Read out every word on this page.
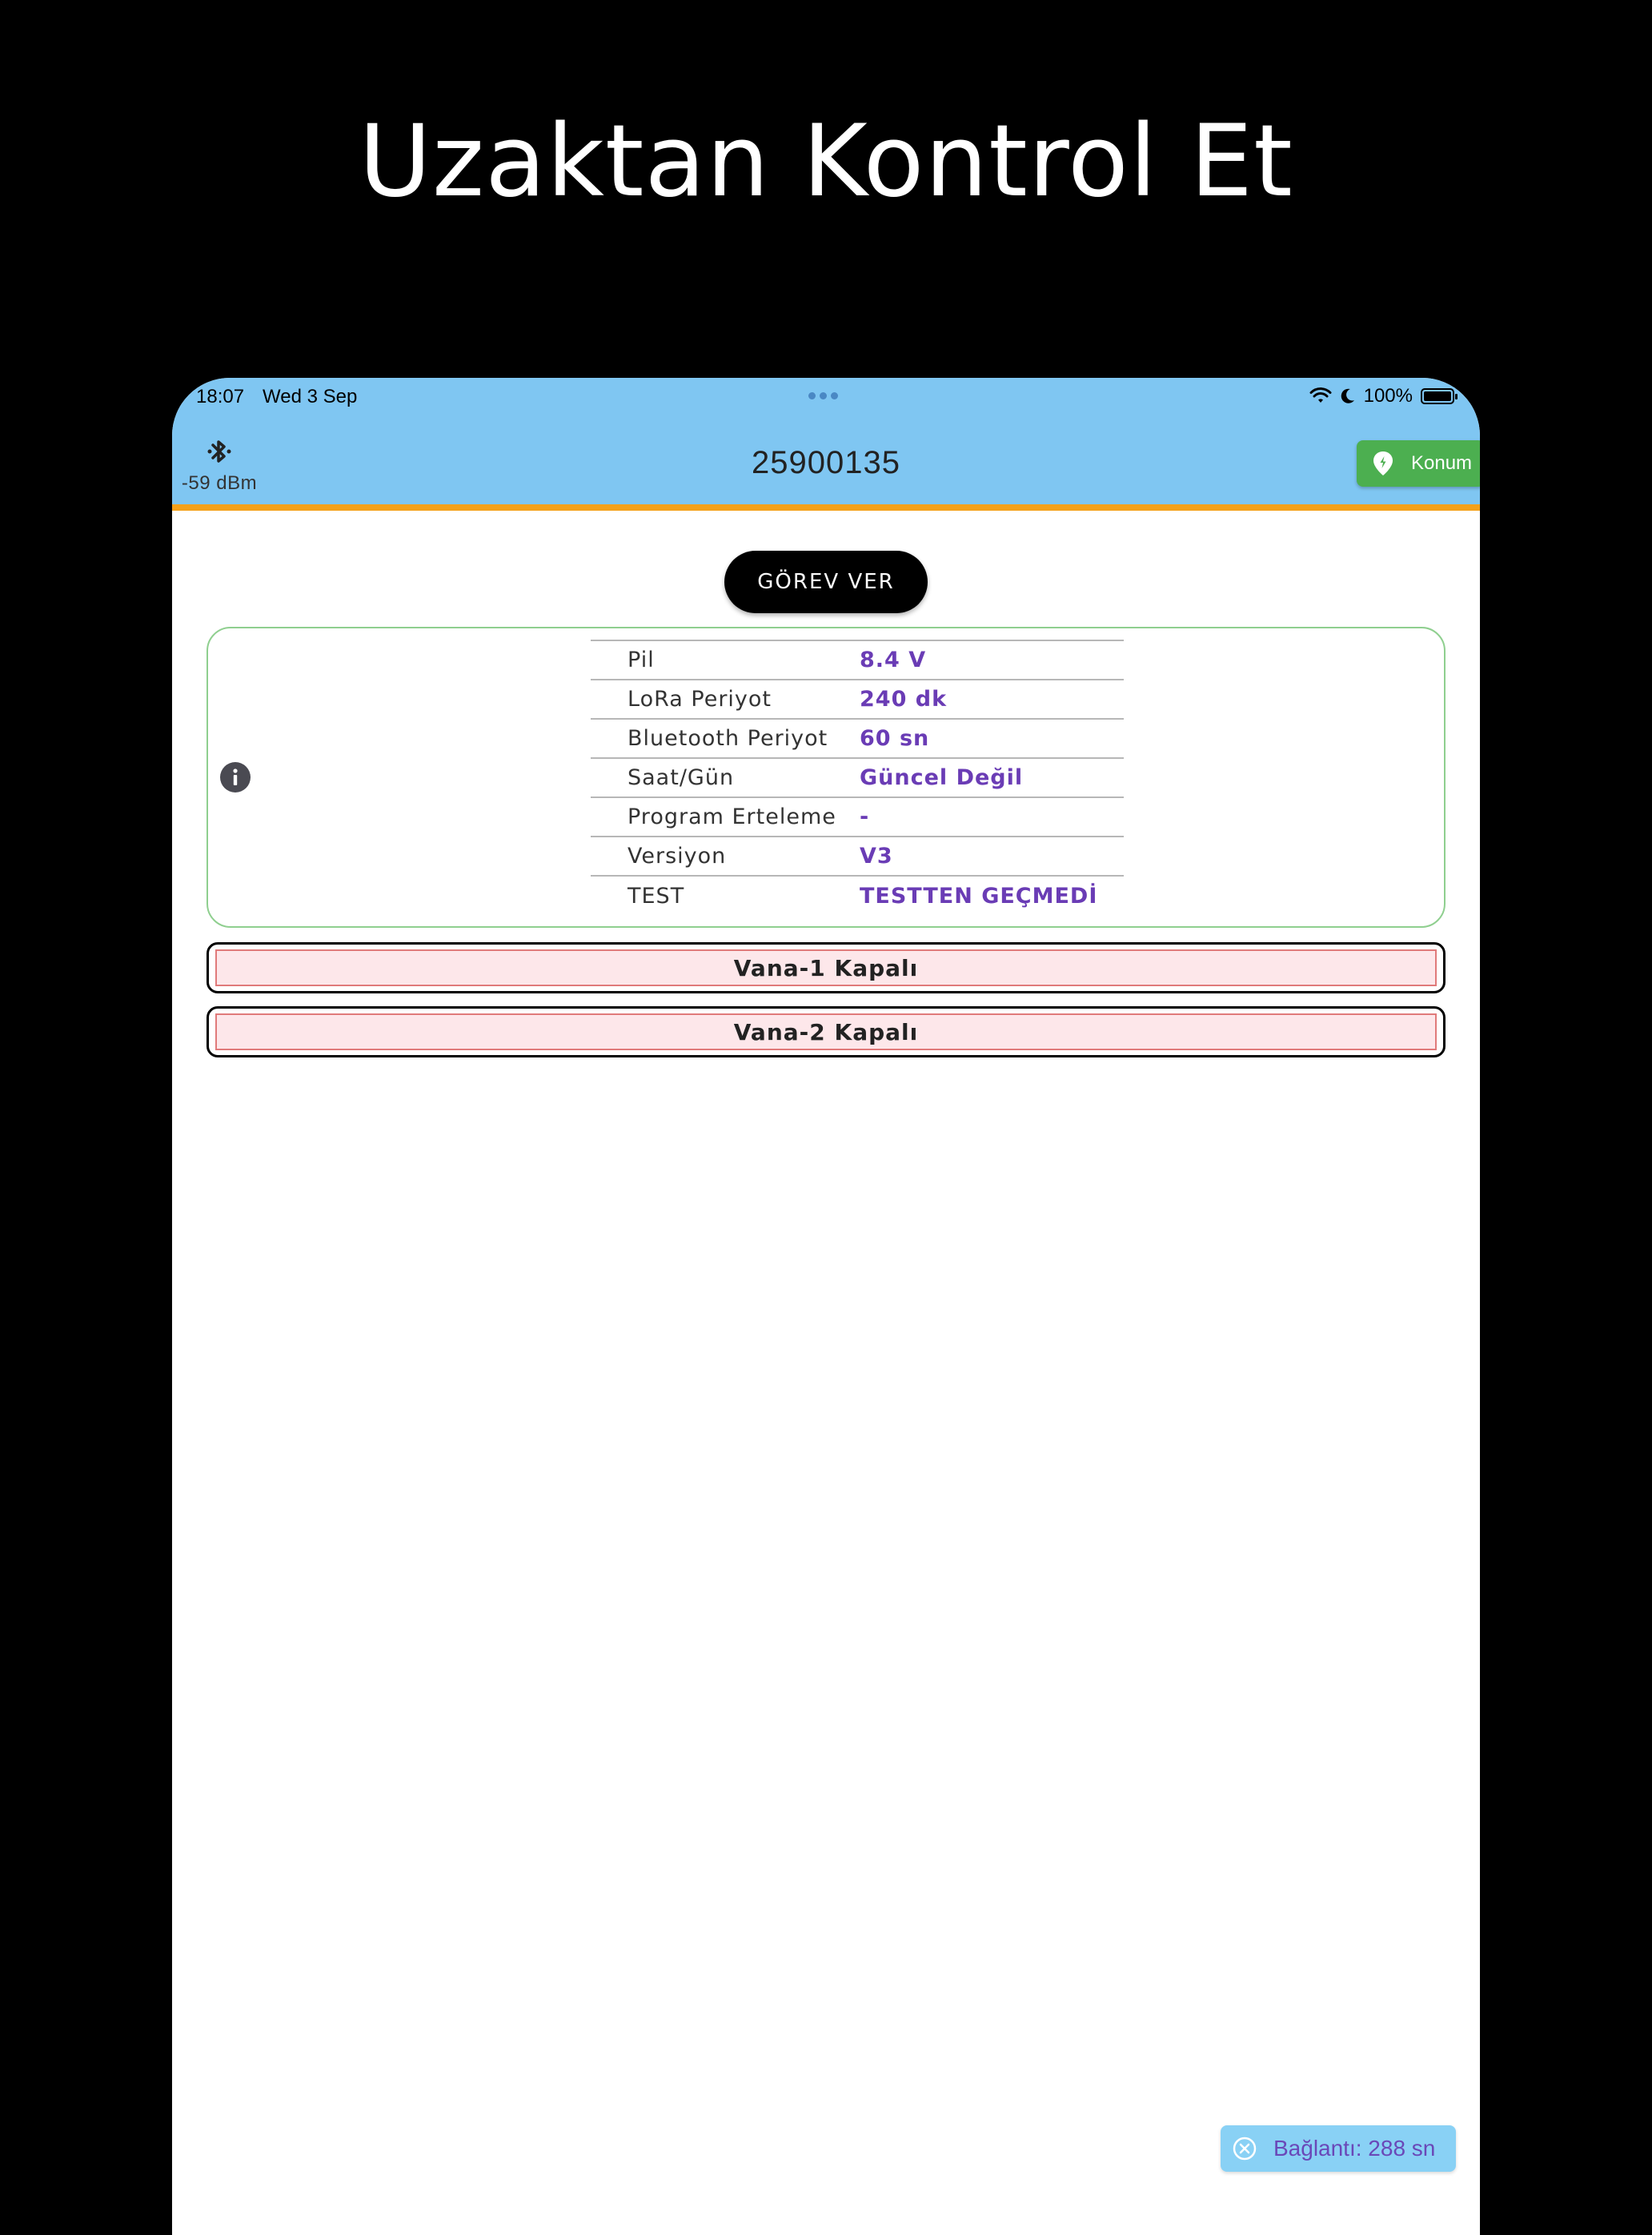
Uzaktan Kontrol Et
18:07 Wed 3 Sep	100%
-59 dBm
25900135	Konum
GÖREV VER
Pil	8.4 V
LoRa Periyot	240 dk
Bluetooth Periyot	60 sn
Saat/Gün	Güncel Değil
Program Erteleme	-
Versiyon	V3
TEST	TESTTEN GEÇMEDİ
Vana-1 Kapalı
Vana-2 Kapalı
Bağlantı: 288 sn
